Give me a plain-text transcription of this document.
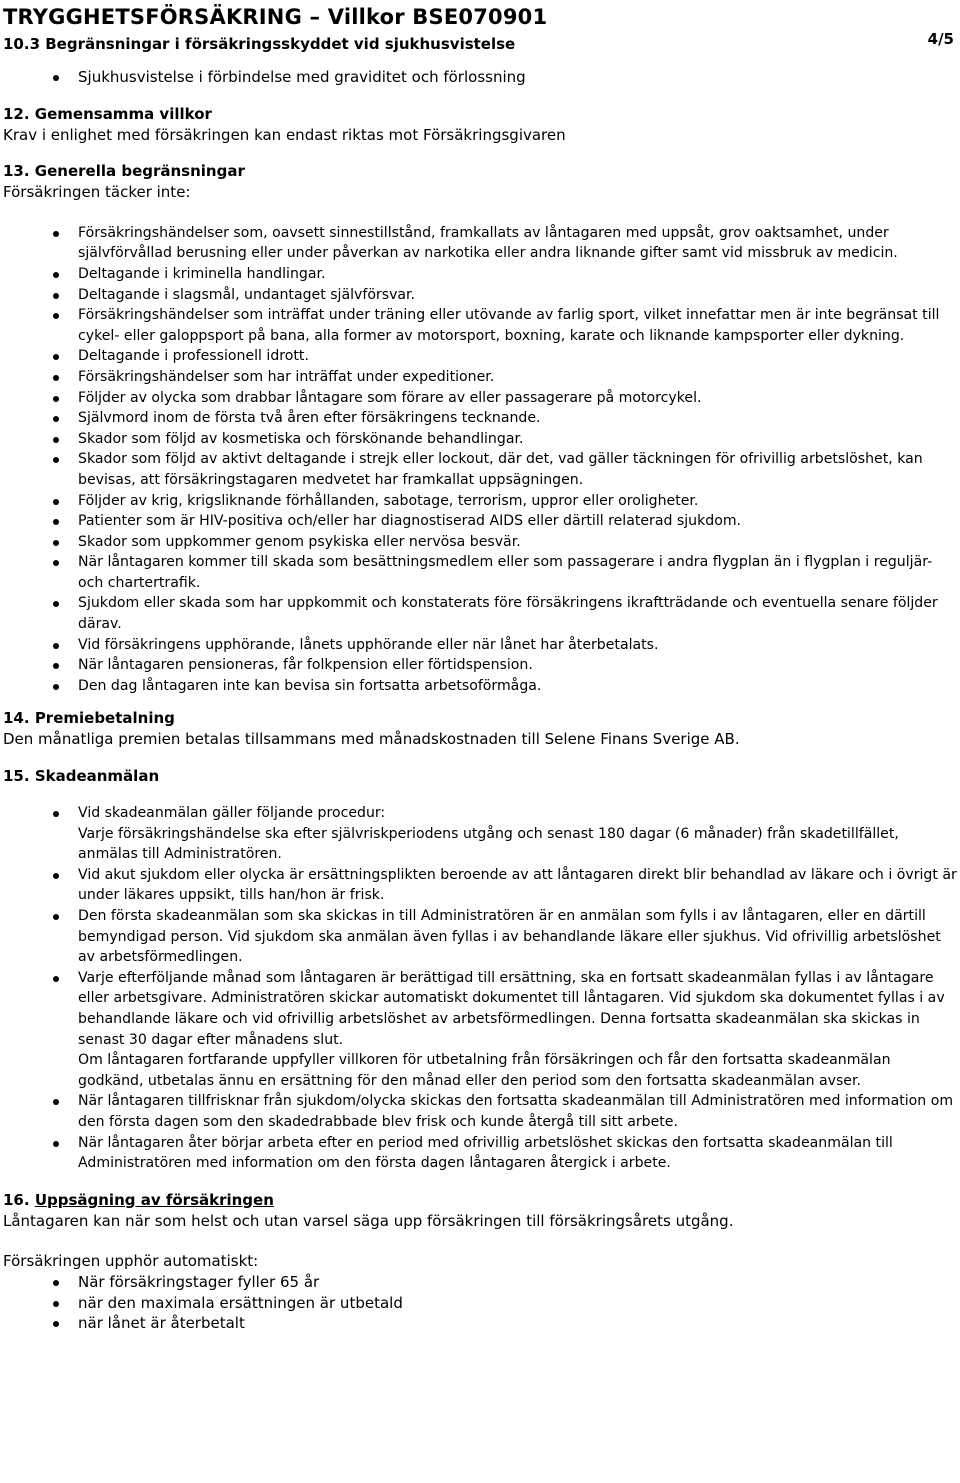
TRYGGHETSFÖRSÄKRING – Villkor BSE070901
4/5
10.3 Begränsningar i försäkringsskyddet vid sjukhusvistelse
Sjukhusvistelse i förbindelse med graviditet och förlossning
12. Gemensamma villkor
Krav i enlighet med försäkringen kan endast riktas mot Försäkringsgivaren
13. Generella begränsningar
Försäkringen täcker inte:
Försäkringshändelser som, oavsett sinnestillstånd, framkallats av låntagaren med uppsåt, grov oaktsamhet, under självförvållad berusning eller under påverkan av narkotika eller andra liknande gifter samt vid missbruk av medicin.
Deltagande i kriminella handlingar.
Deltagande i slagsmål, undantaget självförsvar.
Försäkringshändelser som inträffat under träning eller utövande av farlig sport, vilket innefattar men är inte begränsat till cykel- eller galoppsport på bana, alla former av motorsport, boxning, karate och liknande kampsporter eller dykning.
Deltagande i professionell idrott.
Försäkringshändelser som har inträffat under expeditioner.
Följder av olycka som drabbar låntagare som förare av eller passagerare på motorcykel.
Självmord inom de första två åren efter försäkringens tecknande.
Skador som följd av kosmetiska och förskönande behandlingar.
Skador som följd av aktivt deltagande i strejk eller lockout, där det, vad gäller täckningen för ofrivillig arbetslöshet, kan bevisas, att försäkringstagaren medvetet har framkallat uppsägningen.
Följder av krig, krigsliknande förhållanden, sabotage, terrorism, uppror eller oroligheter.
Patienter som är HIV-positiva och/eller har diagnostiserad AIDS eller därtill relaterad sjukdom.
Skador som uppkommer genom psykiska eller nervösa besvär.
När låntagaren kommer till skada som besättningsmedlem eller som passagerare i andra flygplan än i flygplan i reguljär- och chartertrafik.
Sjukdom eller skada som har uppkommit och konstaterats före försäkringens ikraftträdande och eventuella senare följder därav.
Vid försäkringens upphörande, lånets upphörande eller när lånet har återbetalats.
När låntagaren pensioneras, får folkpension eller förtidspension.
Den dag låntagaren inte kan bevisa sin fortsatta arbetsoförmåga.
14. Premiebetalning
Den månatliga premien betalas tillsammans med månadskostnaden till Selene Finans Sverige AB.
15. Skadeanmälan
Vid skadeanmälan gäller följande procedur:
Varje försäkringshändelse ska efter självriskperiodens utgång och senast 180 dagar (6 månader) från skadetillfället, anmälas till Administratören.
Vid akut sjukdom eller olycka är ersättningsplikten beroende av att låntagaren direkt blir behandlad av läkare och i övrigt är under läkares uppsikt, tills han/hon är frisk.
Den första skadeanmälan som ska skickas in till Administratören är en anmälan som fylls i av låntagaren, eller en därtill bemyndigad person. Vid sjukdom ska anmälan även fyllas i av behandlande läkare eller sjukhus. Vid ofrivillig arbetslöshet av arbetsförmedlingen.
Varje efterföljande månad som låntagaren är berättigad till ersättning, ska en fortsatt skadeanmälan fyllas i av låntagare eller arbetsgivare. Administratören skickar automatiskt dokumentet till låntagaren. Vid sjukdom ska dokumentet fyllas i av behandlande läkare och vid ofrivillig arbetslöshet av arbetsförmedlingen. Denna fortsatta skadeanmälan ska skickas in senast 30 dagar efter månadens slut.
Om låntagaren fortfarande uppfyller villkoren för utbetalning från försäkringen och får den fortsatta skadeanmälan godkänd, utbetalas ännu en ersättning för den månad eller den period som den fortsatta skadeanmälan avser.
När låntagaren tillfrisknar från sjukdom/olycka skickas den fortsatta skadeanmälan till Administratören med information om den första dagen som den skadedrabbade blev frisk och kunde återgå till sitt arbete.
När låntagaren åter börjar arbeta efter en period med ofrivillig arbetslöshet skickas den fortsatta skadeanmälan till Administratören med information om den första dagen låntagaren återgick i arbete.
16. Uppsägning av försäkringen
Låntagaren kan när som helst och utan varsel säga upp försäkringen till försäkringsårets utgång.
Försäkringen upphör automatiskt:
När försäkringstager fyller 65 år
när den maximala ersättningen är utbetald
när lånet är återbetalt
